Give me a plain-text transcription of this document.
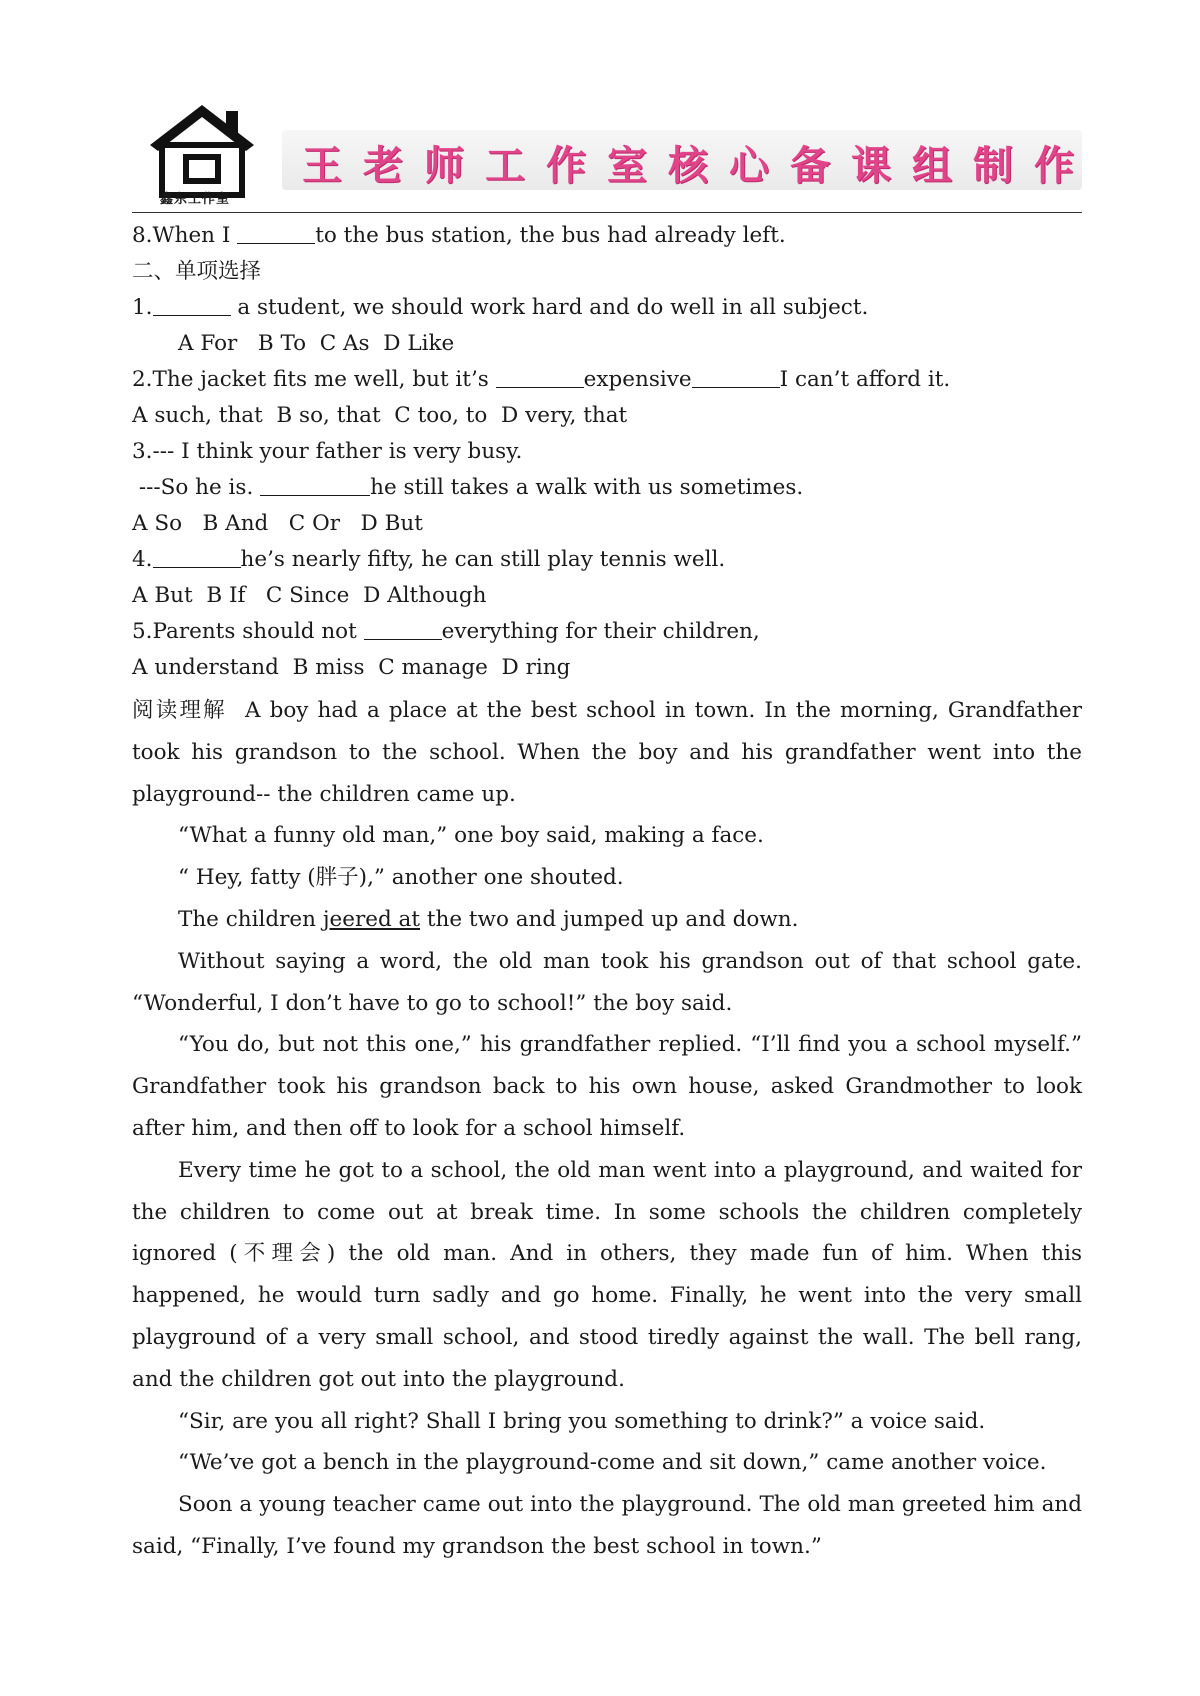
鑫东工作室
王老师工作室核心备课组制作
8.When I	to the bus station, the bus had already left.
二、单项选择
1.	a student, we should work hard and do well in all subject.
A For   B To  C As  D Like
2.The jacket fits me well, but it’s	expensive	I can’t afford it.
A such, that  B so, that  C too, to  D very, that
3.--- I think your father is very busy.
---So he is.	he still takes a walk with us sometimes.
A So   B And   C Or   D But
4.	he’s nearly fifty, he can still play tennis well.
A But  B If   C Since  D Although
5.Parents should not	everything for their children,
A understand  B miss  C manage  D ring

阅读理解 A boy had a place at the best school in town. In the morning, Grandfather took his grandson to the school. When the boy and his grandfather went into the playground-- the children came up.

“What a funny old man,” one boy said, making a face.

“ Hey, fatty (胖子),” another one shouted.

The children jeered at the two and jumped up and down.

Without saying a word, the old man took his grandson out of that school gate. “Wonderful, I don’t have to go to school!” the boy said.

“You do, but not this one,” his grandfather replied. “I’ll find you a school myself.” Grandfather took his grandson back to his own house, asked Grandmother to look after him, and then off to look for a school himself.

Every time he got to a school, the old man went into a playground, and waited for the children to come out at break time. In some schools the children completely ignored (不理会) the old man. And in others, they made fun of him. When this happened, he would turn sadly and go home. Finally, he went into the very small playground of a very small school, and stood tiredly against the wall. The bell rang, and the children got out into the playground.

“Sir, are you all right? Shall I bring you something to drink?” a voice said.

“We’ve got a bench in the playground-come and sit down,” came another voice.

Soon a young teacher came out into the playground. The old man greeted him and said, “Finally, I’ve found my grandson the best school in town.”
